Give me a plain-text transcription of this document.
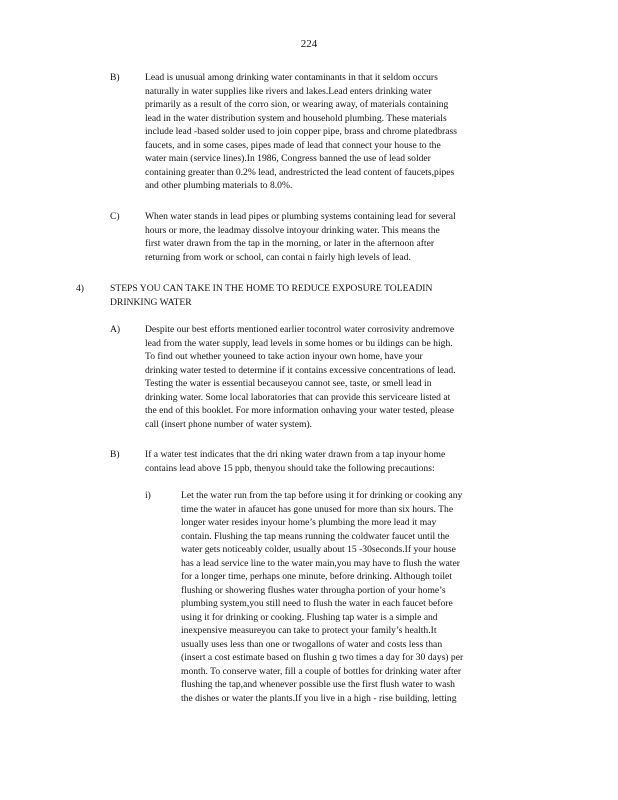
224
B)	Lead is unusual among drinking water contaminants in that it seldom occurs
naturally in water supplies like rivers and lakes.Lead enters drinking water
primarily as a result of the corro sion, or wearing away, of materials containing
lead in the water distribution system and household plumbing. These materials
include lead -based solder used to join copper pipe, brass and chrome platedbrass
faucets, and in some cases, pipes made of lead that connect your house to the
water main (service lines).In 1986, Congress banned the use of lead solder
containing greater than 0.2% lead, andrestricted the lead content of faucets,pipes
and other plumbing materials to 8.0%.
C)	When water stands in lead pipes or plumbing systems containing lead for several
hours or more, the leadmay dissolve intoyour drinking water. This means the
first water drawn from the tap in the morning, or later in the afternoon after
returning from work or school, can contai n fairly high levels of lead.
4)	STEPS YOU CAN TAKE IN THE HOME TO REDUCE EXPOSURE TOLEADIN
DRINKING WATER
A)	Despite our best efforts mentioned earlier tocontrol water corrosivity andremove
lead from the water supply, lead levels in some homes or bu ildings can be high.
To find out whether youneed to take action inyour own home, have your
drinking water tested to determine if it contains excessive concentrations of lead.
Testing the water is essential becauseyou cannot see, taste, or smell lead in
drinking water. Some local laboratories that can provide this serviceare listed at
the end of this booklet. For more information onhaving your water tested, please
call (insert phone number of water system).
B)	If a water test indicates that the dri nking water drawn from a tap inyour home
contains lead above 15 ppb, thenyou should take the following precautions:
i)	Let the water run from the tap before using it for drinking or cooking any
time the water in afaucet has gone unused for more than six hours. The
longer water resides inyour home’s plumbing the more lead it may
contain. Flushing the tap means running the coldwater faucet until the
water gets noticeably colder, usually about 15 -30seconds.If your house
has a lead service line to the water main,you may have to flush the water
for a longer time, perhaps one minute, before drinking. Although toilet
flushing or showering flushes water througha portion of your home’s
plumbing system,you still need to flush the water in each faucet before
using it for drinking or cooking. Flushing tap water is a simple and
inexpensive measureyou can take to protect your family’s health.It
usually uses less than one or twogallons of water and costs less than
(insert a cost estimate based on flushin g two times a day for 30 days) per
month. To conserve water, fill a couple of bottles for drinking water after
flushing the tap,and whenever possible use the first flush water to wash
the dishes or water the plants.If you live in a high - rise building, letting
